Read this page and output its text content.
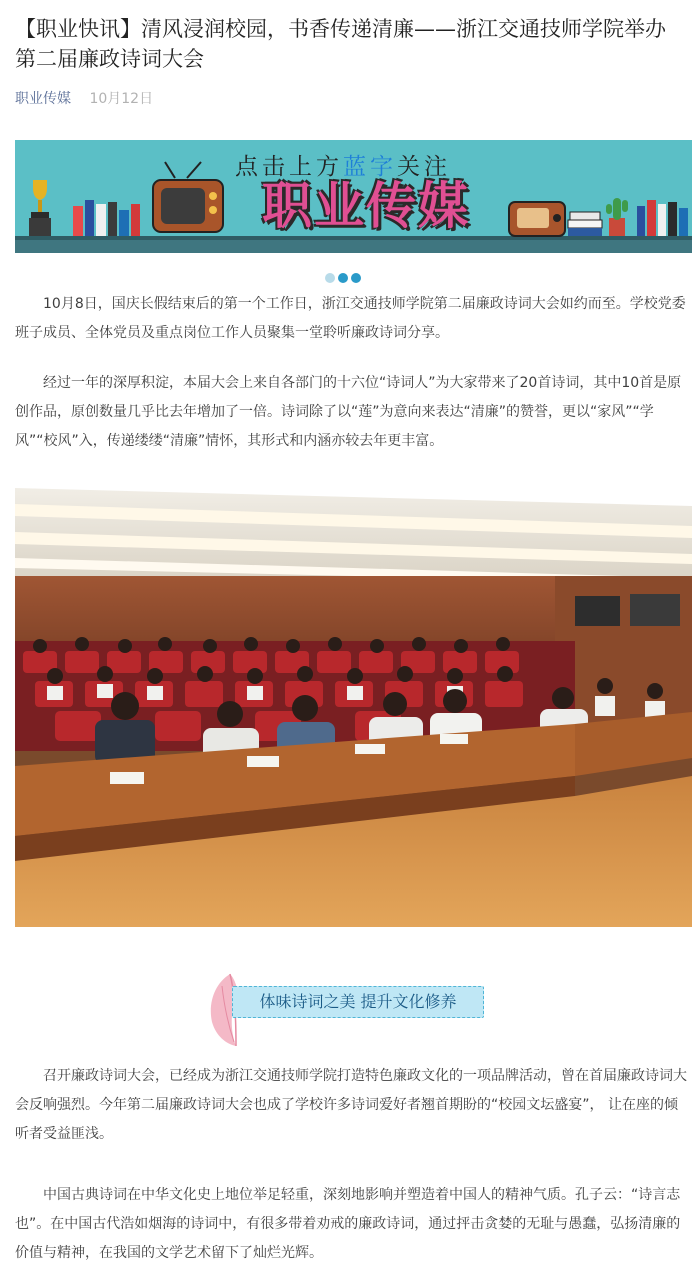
【职业快讯】清风浸润校园，书香传递清廉——浙江交通技师学院举办第二届廉政诗词大会
职业传媒 10月12日
点击上方蓝字关注
职业传媒

10月8日，国庆长假结束后的第一个工作日，浙江交通技师学院第二届廉政诗词大会如约而至。学校党委班子成员、全体党员及重点岗位工作人员聚集一堂聆听廉政诗词分享。

经过一年的深厚积淀，本届大会上来自各部门的十六位“诗词人”为大家带来了20首诗词，其中10首是原创作品，原创数量几乎比去年增加了一倍。诗词除了以“莲”为意向来表达“清廉”的赞誉，更以“家风”“学风”“校风”入，传递缕缕“清廉”情怀，其形式和内涵亦较去年更丰富。

体味诗词之美 提升文化修养

召开廉政诗词大会，已经成为浙江交通技师学院打造特色廉政文化的一项品牌活动，曾在首届廉政诗词大会反响强烈。今年第二届廉政诗词大会也成了学校许多诗词爱好者翘首期盼的“校园文坛盛宴”， 让在座的倾听者受益匪浅。

中国古典诗词在中华文化史上地位举足轻重，深刻地影响并塑造着中国人的精神气质。孔子云：“诗言志也”。在中国古代浩如烟海的诗词中，有很多带着劝戒的廉政诗词，通过抨击贪婪的无耻与愚蠢，弘扬清廉的价值与精神，在我国的文学艺术留下了灿烂光辉。
